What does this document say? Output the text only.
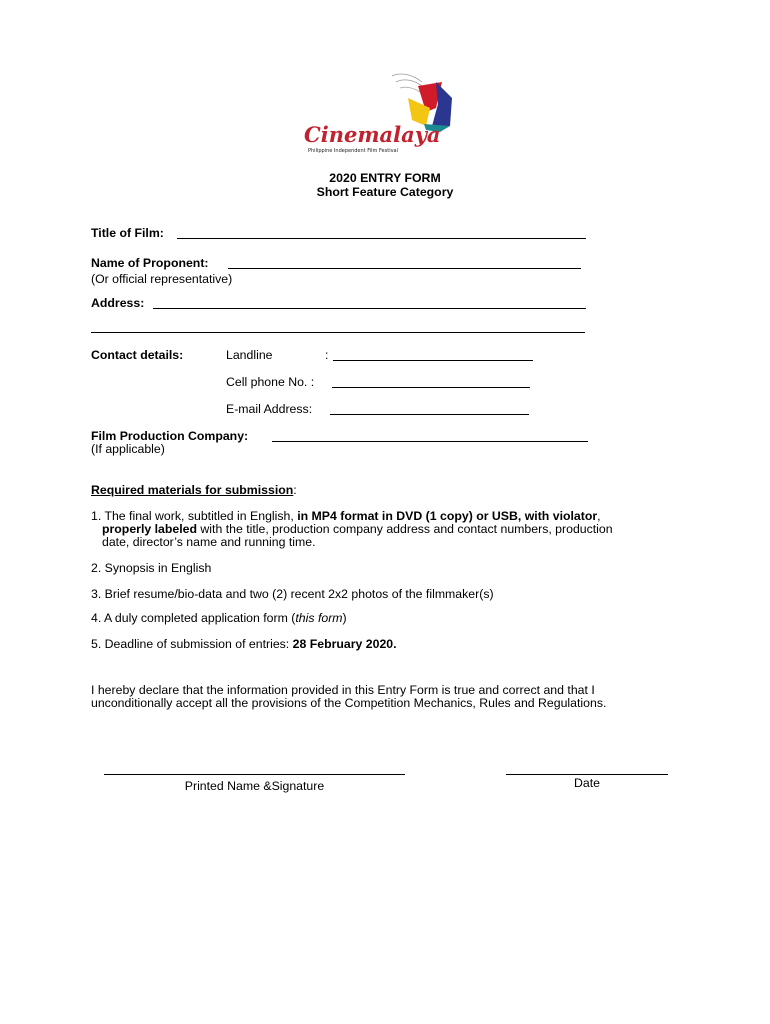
Cinemalaya
Philippine Independent Film Festival
2020 ENTRY FORM
Short Feature Category
Title of Film:
Name of Proponent:
(Or official representative)
Address:
Contact details:	Landline	:
Cell phone No. :
E-mail Address:
Film Production Company:
(If applicable)
Required materials for submission:
1. The final work, subtitled in English, in MP4 format in DVD (1 copy) or USB, with violator,
properly labeled with the title, production company address and contact numbers, production
date, director’s name and running time.
2. Synopsis in English
3. Brief resume/bio-data and two (2) recent 2x2 photos of the filmmaker(s)
4. A duly completed application form (this form)
5. Deadline of submission of entries: 28 February 2020.
I hereby declare that the information provided in this Entry Form is true and correct and that I
unconditionally accept all the provisions of the Competition Mechanics, Rules and Regulations.
Printed Name &Signature	Date
